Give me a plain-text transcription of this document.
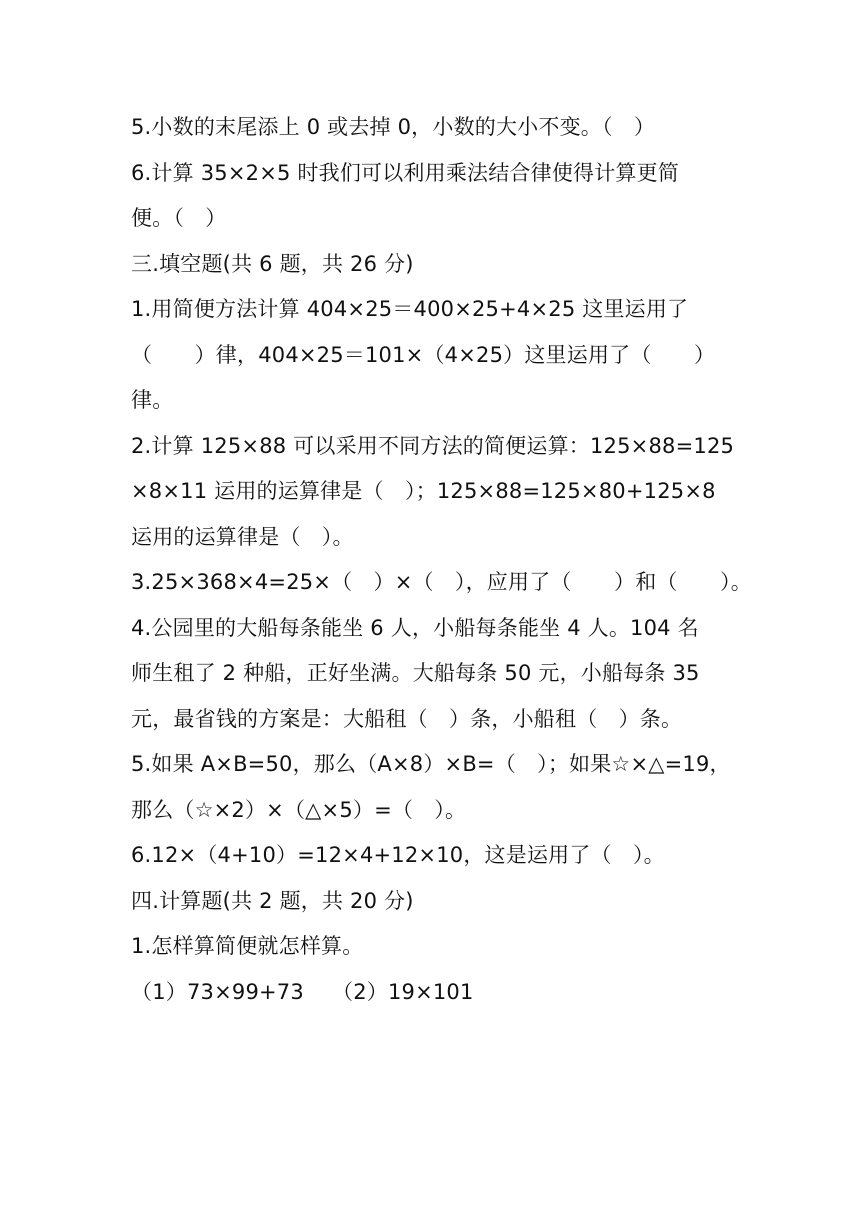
5.小数的末尾添上 0 或去掉 0，小数的大小不变。（　）
6.计算 35×2×5 时我们可以利用乘法结合律使得计算更简
便。（　）
三.填空题(共 6 题，共 26 分)
1.用简便方法计算 404×25＝400×25+4×25 这里运用了
（　　）律，404×25＝101×（4×25）这里运用了（　　）
律。
2.计算 125×88 可以采用不同方法的简便运算：125×88=125
×8×11 运用的运算律是（　）；125×88=125×80+125×8
运用的运算律是（　）。
3.25×368×4=25×（　）×（　），应用了（　　）和（　　）。
4.公园里的大船每条能坐 6 人，小船每条能坐 4 人。104 名
师生租了 2 种船，正好坐满。大船每条 50 元，小船每条 35
元，最省钱的方案是：大船租（　）条，小船租（　）条。
5.如果 A×B=50，那么（A×8）×B=（　）；如果☆×△=19，
那么（☆×2）×（△×5）=（　）。
6.12×（4+10）=12×4+12×10，这是运用了（　）。
四.计算题(共 2 题，共 20 分)
1.怎样算简便就怎样算。
（1）73×99+73　 （2）19×101
